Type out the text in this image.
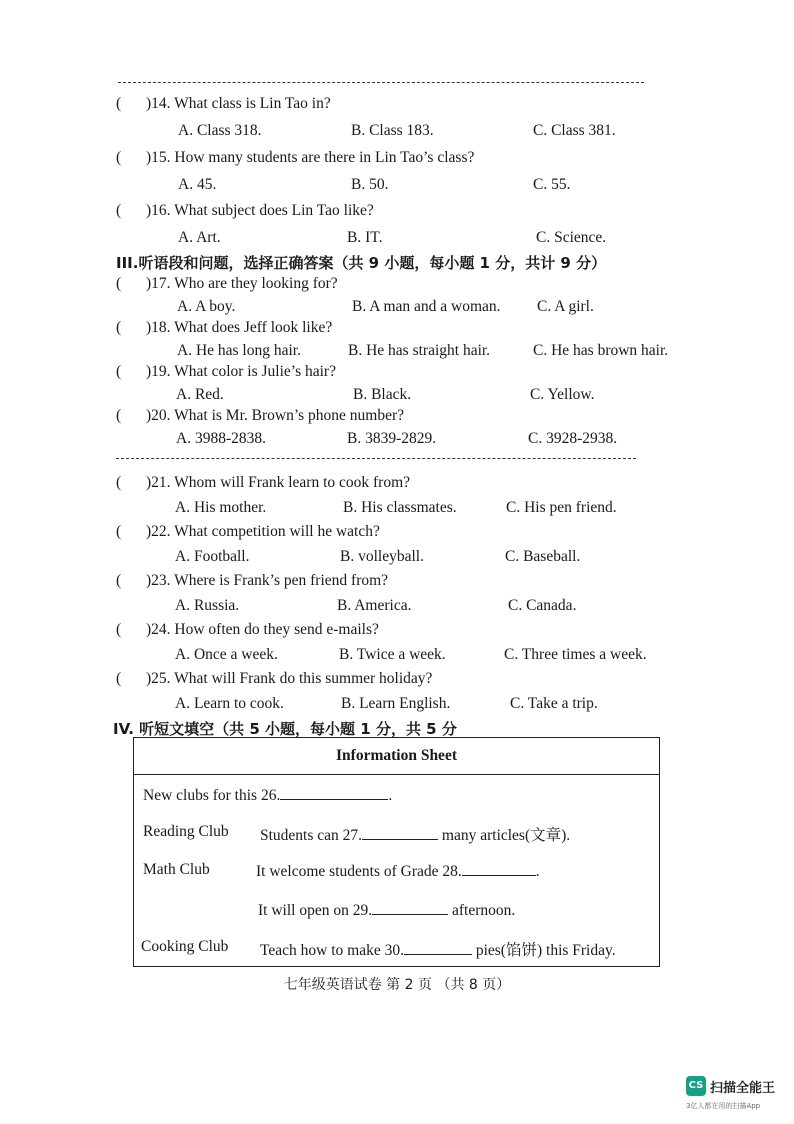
( )14. What class is Lin Tao in?
A. Class 318.	B. Class 183.	C. Class 381.
( )15. How many students are there in Lin Tao’s class?
A. 45.	B. 50.	C. 55.
( )16. What subject does Lin Tao like?
A. Art.	B. IT.	C. Science.
III.听语段和问题，选择正确答案（共 9 小题，每小题 1 分，共计 9 分）
( )17. Who are they looking for?
A. A boy.	B. A man and a woman. C. A girl.
( )18. What does Jeff look like?
A. He has long hair.	B. He has straight hair.	C. He has brown hair.
( )19. What color is Julie’s hair?
A. Red.	B. Black.	C. Yellow.
( )20. What is Mr. Brown’s phone number?
A. 3988-2838.	B. 3839-2829.	C. 3928-2938.
( )21. Whom will Frank learn to cook from?
A. His mother.	B. His classmates.	C. His pen friend.
( )22. What competition will he watch?
A. Football.	B. volleyball.	C. Baseball.
( )23. Where is Frank’s pen friend from?
A. Russia.	B. America.	C. Canada.
( )24. How often do they send e-mails?
A. Once a week.	B. Twice a week.	C. Three times a week.
( )25. What will Frank do this summer holiday?
A. Learn to cook.	B. Learn English.	C. Take a trip.
IV. 听短文填空（共 5 小题，每小题 1 分，共 5 分
Information Sheet
New clubs for this 26.	.
Reading Club Students can 27.	many articles(文章).
Math Club	It welcome students of Grade 28.	.
It will open on 29.	afternoon.
Cooking Club Teach how to make 30.	pies(馅饼) this Friday.
七年级英语试卷 第 2 页 （共 8 页）
CS 扫描全能王
3亿人都在用的扫描App
